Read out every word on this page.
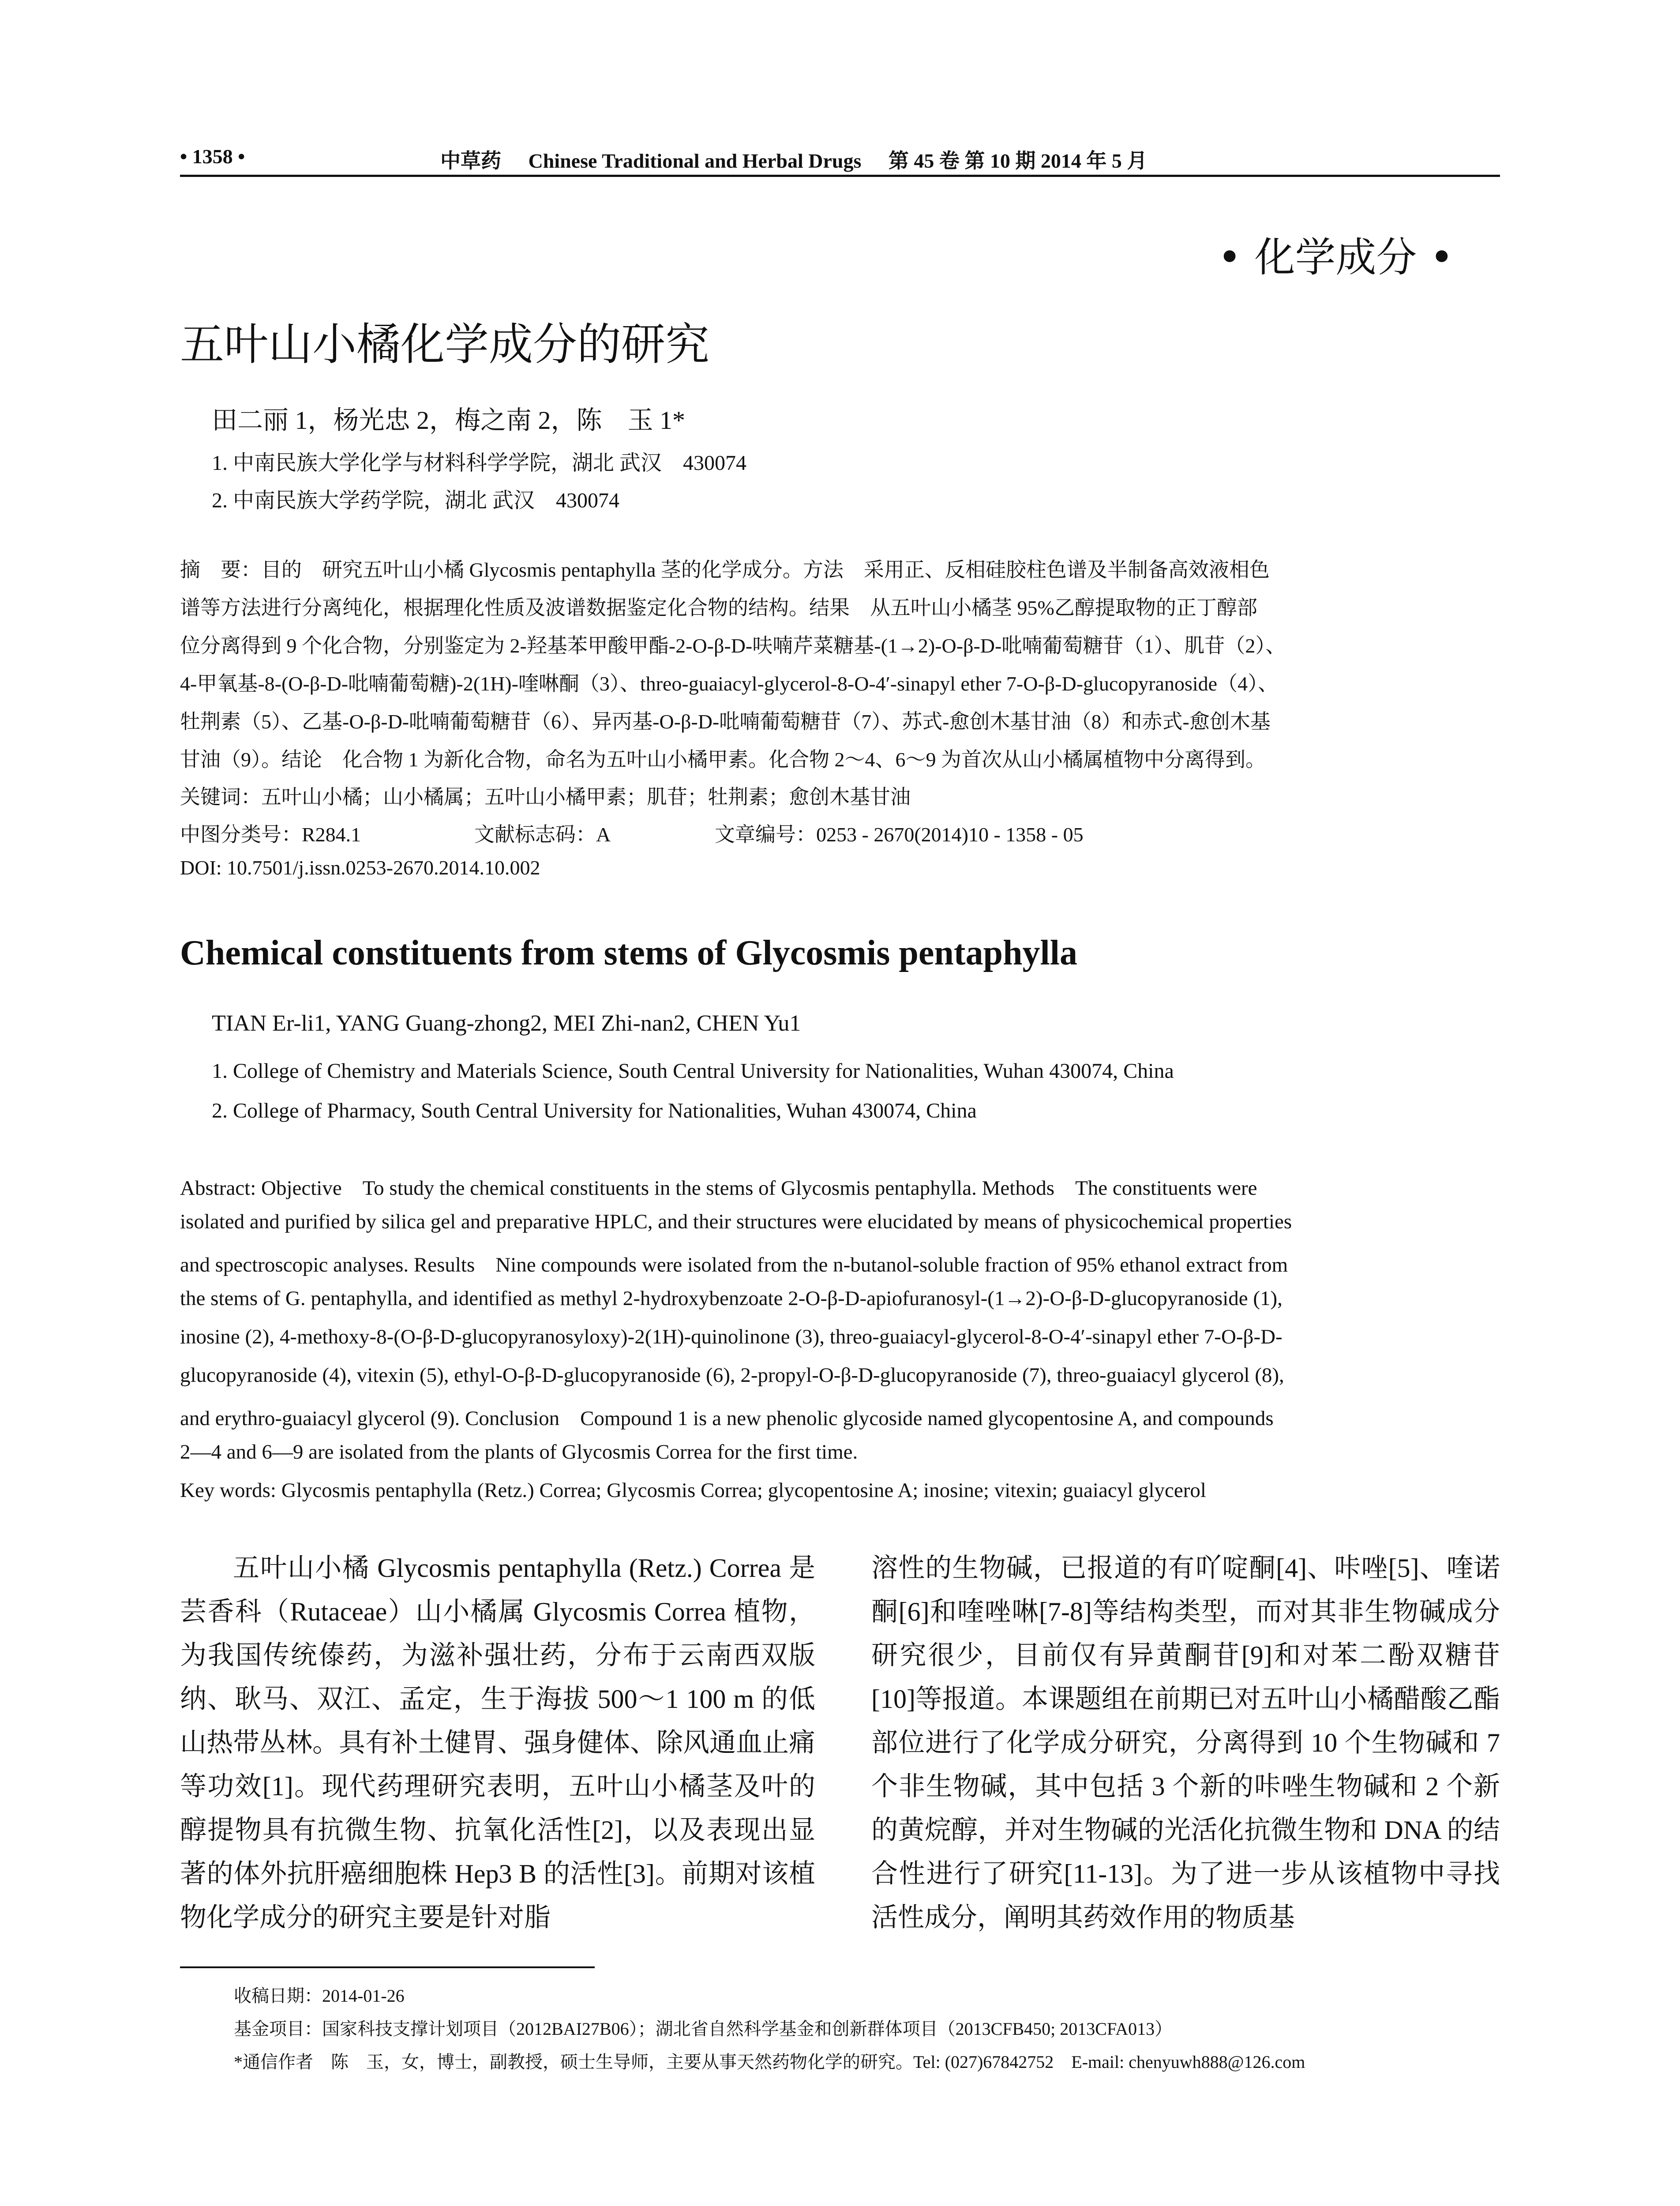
• 1358 •	中草药 Chinese Traditional and Herbal Drugs 第 45 卷 第 10 期 2014 年 5 月
• 化学成分 •
五叶山小橘化学成分的研究
田二丽 1，杨光忠 2，梅之南 2，陈　玉 1*
1. 中南民族大学化学与材料科学学院，湖北 武汉　430074
2. 中南民族大学药学院，湖北 武汉　430074
摘　要：目的　研究五叶山小橘 Glycosmis pentaphylla 茎的化学成分。方法　采用正、反相硅胶柱色谱及半制备高效液相色
谱等方法进行分离纯化，根据理化性质及波谱数据鉴定化合物的结构。结果　从五叶山小橘茎 95%乙醇提取物的正丁醇部
位分离得到 9 个化合物，分别鉴定为 2-羟基苯甲酸甲酯-2-O-β-D-呋喃芹菜糖基-(1→2)-O-β-D-吡喃葡萄糖苷（1）、肌苷（2）、
4-甲氧基-8-(O-β-D-吡喃葡萄糖)-2(1H)-喹啉酮（3）、threo-guaiacyl-glycerol-8-O-4′-sinapyl ether 7-O-β-D-glucopyranoside（4）、
牡荆素（5）、乙基-O-β-D-吡喃葡萄糖苷（6）、异丙基-O-β-D-吡喃葡萄糖苷（7）、苏式-愈创木基甘油（8）和赤式-愈创木基
甘油（9）。结论　化合物 1 为新化合物，命名为五叶山小橘甲素。化合物 2～4、6～9 为首次从山小橘属植物中分离得到。
关键词：五叶山小橘；山小橘属；五叶山小橘甲素；肌苷；牡荆素；愈创木基甘油
中图分类号：R284.1	文献标志码：A	文章编号：0253 - 2670(2014)10 - 1358 - 05
DOI: 10.7501/j.issn.0253-2670.2014.10.002
Chemical constituents from stems of Glycosmis pentaphylla
TIAN Er-li1, YANG Guang-zhong2, MEI Zhi-nan2, CHEN Yu1
1. College of Chemistry and Materials Science, South Central University for Nationalities, Wuhan 430074, China
2. College of Pharmacy, South Central University for Nationalities, Wuhan 430074, China
Abstract: Objective　To study the chemical constituents in the stems of Glycosmis pentaphylla. Methods　The constituents were
isolated and purified by silica gel and preparative HPLC, and their structures were elucidated by means of physicochemical properties
and spectroscopic analyses. Results　Nine compounds were isolated from the n-butanol-soluble fraction of 95% ethanol extract from
the stems of G. pentaphylla, and identified as methyl 2-hydroxybenzoate 2-O-β-D-apiofuranosyl-(1→2)-O-β-D-glucopyranoside (1),
inosine (2), 4-methoxy-8-(O-β-D-glucopyranosyloxy)-2(1H)-quinolinone (3), threo-guaiacyl-glycerol-8-O-4′-sinapyl ether 7-O-β-D-
glucopyranoside (4), vitexin (5), ethyl-O-β-D-glucopyranoside (6), 2-propyl-O-β-D-glucopyranoside (7), threo-guaiacyl glycerol (8),
and erythro-guaiacyl glycerol (9). Conclusion　Compound 1 is a new phenolic glycoside named glycopentosine A, and compounds
2—4 and 6—9 are isolated from the plants of Glycosmis Correa for the first time.
Key words: Glycosmis pentaphylla (Retz.) Correa; Glycosmis Correa; glycopentosine A; inosine; vitexin; guaiacyl glycerol

五叶山小橘 Glycosmis pentaphylla (Retz.) Correa 是芸香科（Rutaceae）山小橘属 Glycosmis Correa 植物，为我国传统傣药，为滋补强壮药，分布于云南西双版纳、耿马、双江、孟定，生于海拔 500～1 100 m 的低山热带丛林。具有补土健胃、强身健体、除风通血止痛等功效[1]。现代药理研究表明，五叶山小橘茎及叶的醇提物具有抗微生物、抗氧化活性[2]，以及表现出显著的体外抗肝癌细胞株 Hep3 B 的活性[3]。前期对该植物化学成分的研究主要是针对脂

溶性的生物碱，已报道的有吖啶酮[4]、咔唑[5]、喹诺酮[6]和喹唑啉[7-8]等结构类型，而对其非生物碱成分研究很少，目前仅有异黄酮苷[9]和对苯二酚双糖苷[10]等报道。本课题组在前期已对五叶山小橘醋酸乙酯部位进行了化学成分研究，分离得到 10 个生物碱和 7 个非生物碱，其中包括 3 个新的咔唑生物碱和 2 个新的黄烷醇，并对生物碱的光活化抗微生物和 DNA 的结合性进行了研究[11-13]。为了进一步从该植物中寻找活性成分，阐明其药效作用的物质基

收稿日期：2014-01-26
基金项目：国家科技支撑计划项目（2012BAI27B06）；湖北省自然科学基金和创新群体项目（2013CFB450; 2013CFA013）
*通信作者　陈　玉，女，博士，副教授，硕士生导师，主要从事天然药物化学的研究。Tel: (027)67842752　E-mail: chenyuwh888@126.com
